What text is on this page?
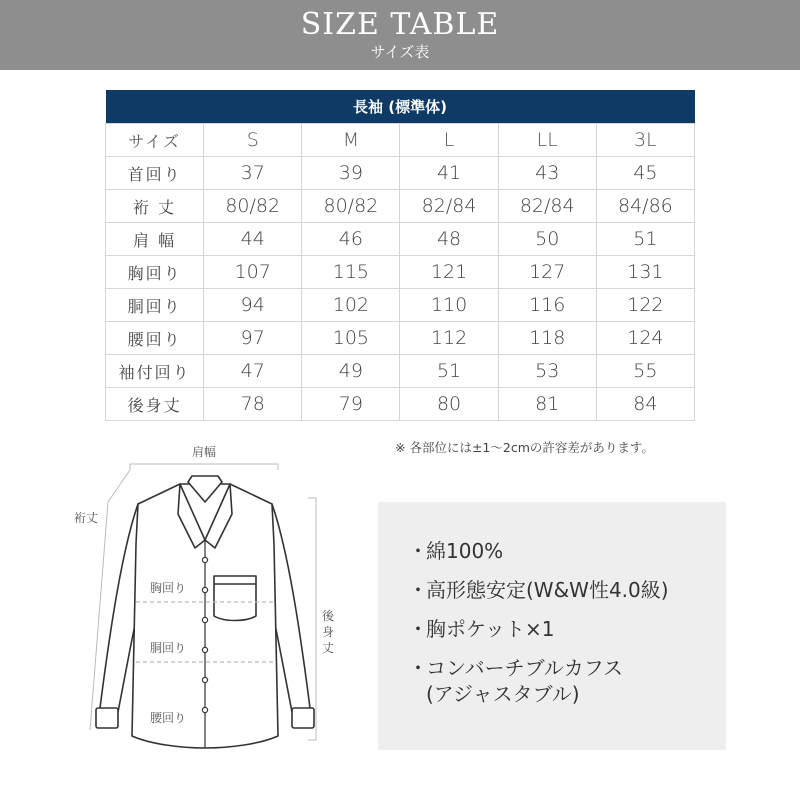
SIZE TABLE
サイズ表
長袖 (標準体)					
サイズ	S	M	L	LL	3L
首回り	37	39	41	43	45
裄 丈	80/82	80/82	82/84	82/84	84/86
肩 幅	44	46	48	50	51
胸回り	107	115	121	127	131
胴回り	94	102	110	116	122
腰回り	97	105	112	118	124
袖付回り	47	49	51	53	55
後身丈	78	79	80	81	84
※ 各部位には±1～2cmの許容差があります。
肩幅
裄丈
後 身 丈
胸回り
胴回り
腰回り
・
綿100%
・
高形態安定(W&W性4.0級)
・
胸ポケット×1
・
コンバーチブルカフス
(アジャスタブル)
